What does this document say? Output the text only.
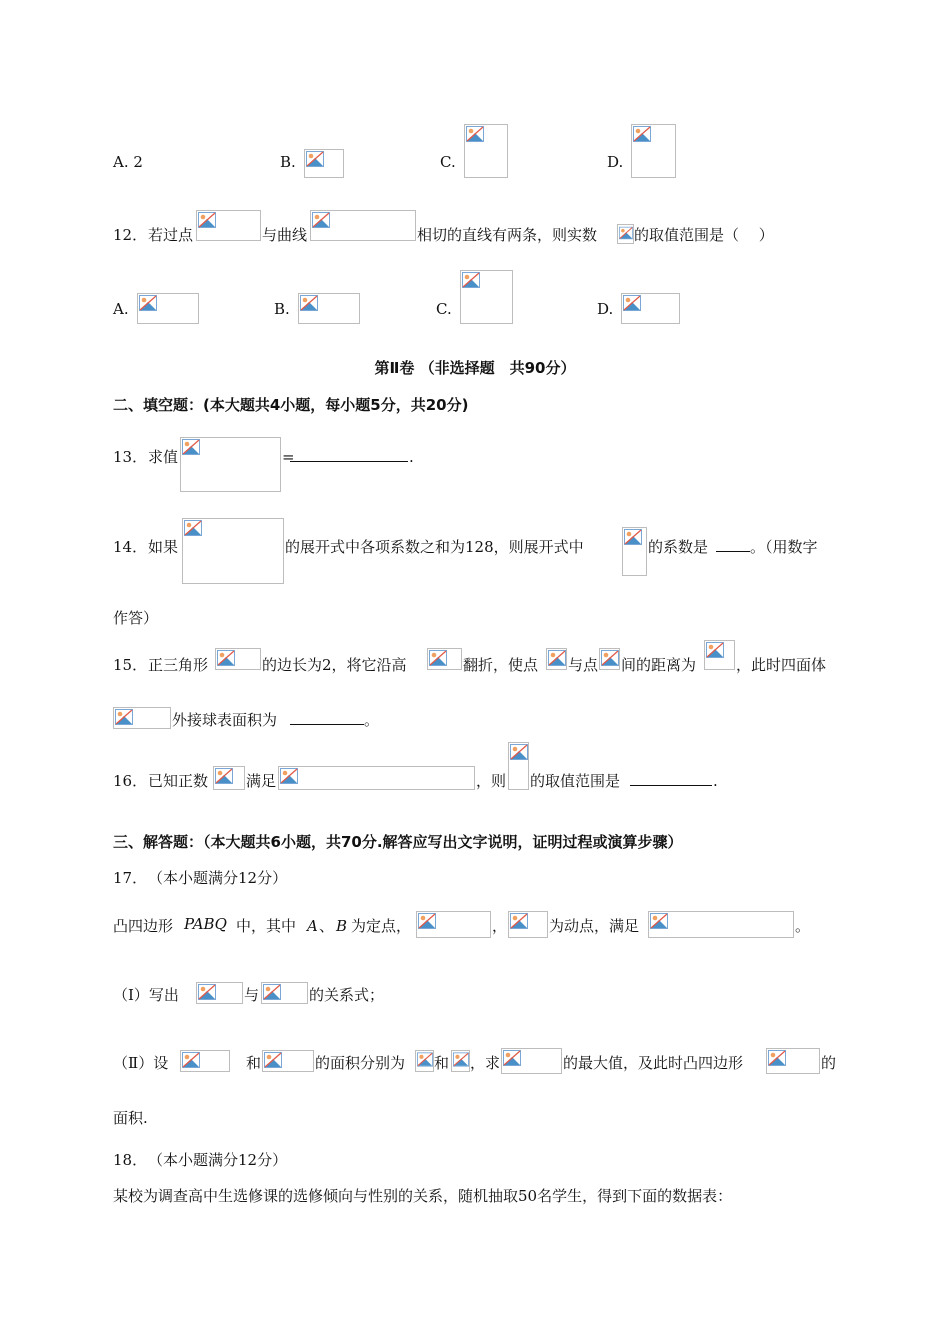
A. 2	B.	C.	D.
12． 若过点	与曲线	相切的直线有两条，则实数 的取值范围是（　 ）
A.	B.	C.	D.
第Ⅱ卷 （非选择题　共90分）
二、填空题：(本大题共4小题，每小题5分，共20分)
13． 求值	=	.
14． 如果	的展开式中各项系数之和为128，则展开式中	的系数是	。（用数字
作答）
15． 正三角形	的边长为2，将它沿高	翻折，使点 与点 间的距离为	，此时四面体
外接球表面积为	。
16． 已知正数	满足	，则 的取值范围是	.
三、解答题：（本大题共6小题，共70分.解答应写出文字说明，证明过程或演算步骤）
17． （本小题满分12分）
凸四边形 PABQ 中，其中 A 、 B 为定点，	，	为动点，满足	。
（Ⅰ）写出	与	的关系式；
（Ⅱ）设	和	的面积分别为 和 ，求	的最大值，及此时凸四边形	的
面积.
18． （本小题满分12分）
某校为调查高中生选修课的选修倾向与性别的关系，随机抽取50名学生，得到下面的数据表：
